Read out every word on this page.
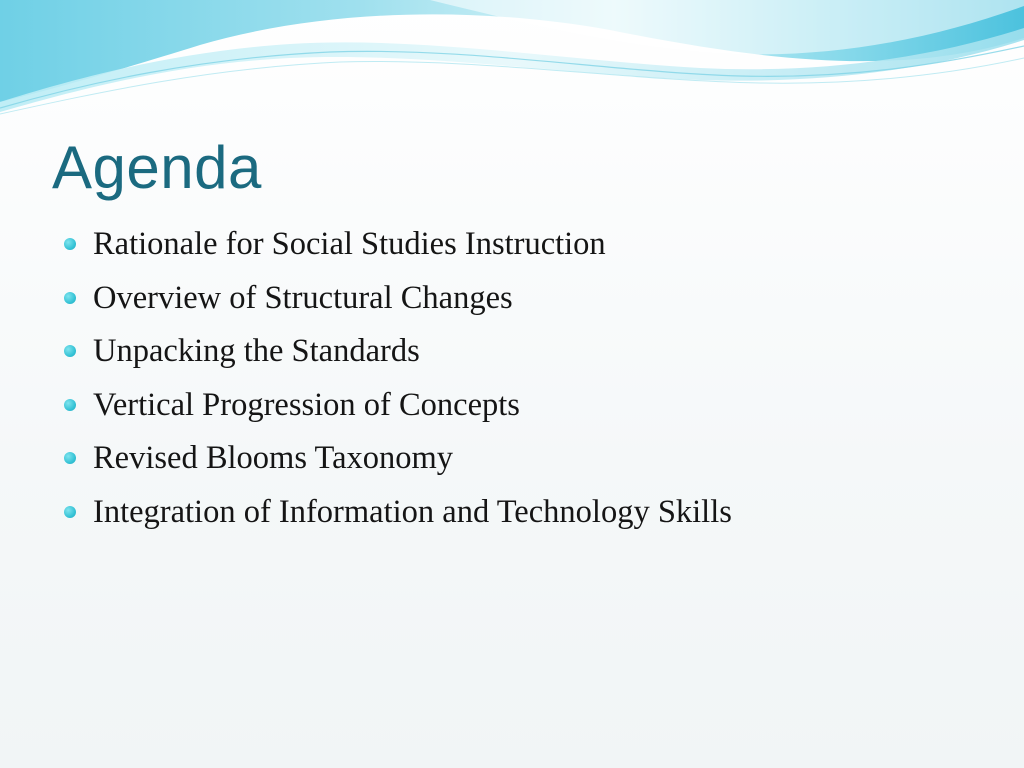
Agenda
Rationale for Social Studies Instruction
Overview of Structural Changes
Unpacking the Standards
Vertical Progression of Concepts
Revised Blooms Taxonomy
Integration of Information and Technology Skills
